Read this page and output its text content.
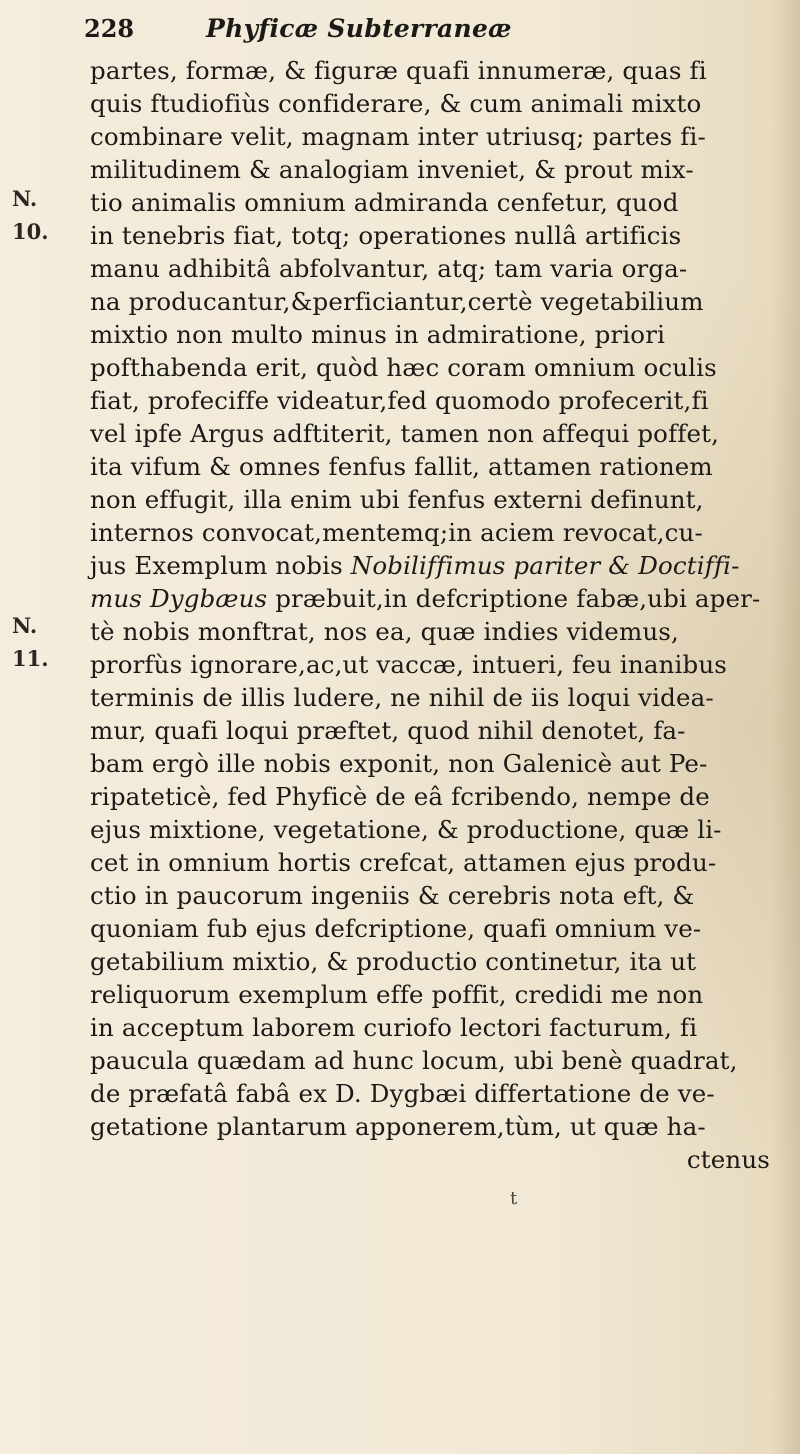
228	Phyficæ Subterraneæ
N.
10.
N.
11.
partes, formæ, & figuræ quafi innumeræ, quas fi
quis ftudiofiùs confiderare, & cum animali mixto
combinare velit, magnam inter utriusq; partes fi-
militudinem & analogiam inveniet, & prout mix-
tio animalis omnium admiranda cenfetur, quod
in tenebris fiat, totq; operationes nullâ artificis
manu adhibitâ abfolvantur, atq; tam varia orga-
na producantur,&perficiantur,certè vegetabilium
mixtio non multo minus in admiratione, priori
pofthabenda erit, quòd hæc coram omnium oculis
fiat, profeciffe videatur,fed quomodo profecerit,fi
vel ipfe Argus adftiterit, tamen non affequi poffet,
ita vifum & omnes fenfus fallit, attamen rationem
non effugit, illa enim ubi fenfus externi definunt,
internos convocat,mentemq;in aciem revocat,cu-
jus Exemplum nobis Nobiliffimus pariter & Doctiffi-
mus Dygbæus præbuit,in defcriptione fabæ,ubi aper-
tè nobis monftrat, nos ea, quæ indies videmus,
prorfùs ignorare,ac,ut vaccæ, intueri, feu inanibus
terminis de illis ludere, ne nihil de iis loqui videa-
mur, quafi loqui præftet, quod nihil denotet, fa-
bam ergò ille nobis exponit, non Galenicè aut Pe-
ripateticè, fed Phyficè de eâ fcribendo, nempe de
ejus mixtione, vegetatione, & productione, quæ li-
cet in omnium hortis crefcat, attamen ejus produ-
ctio in paucorum ingeniis & cerebris nota eft, &
quoniam fub ejus defcriptione, quafi omnium ve-
getabilium mixtio, & productio continetur, ita ut
reliquorum exemplum effe poffit, credidi me non
in acceptum laborem curiofo lectori facturum, fi
paucula quædam ad hunc locum, ubi benè quadrat,
de præfatâ fabâ ex D. Dygbæi differtatione de ve-
getatione plantarum apponerem,tùm, ut quæ ha-
ctenus
t
